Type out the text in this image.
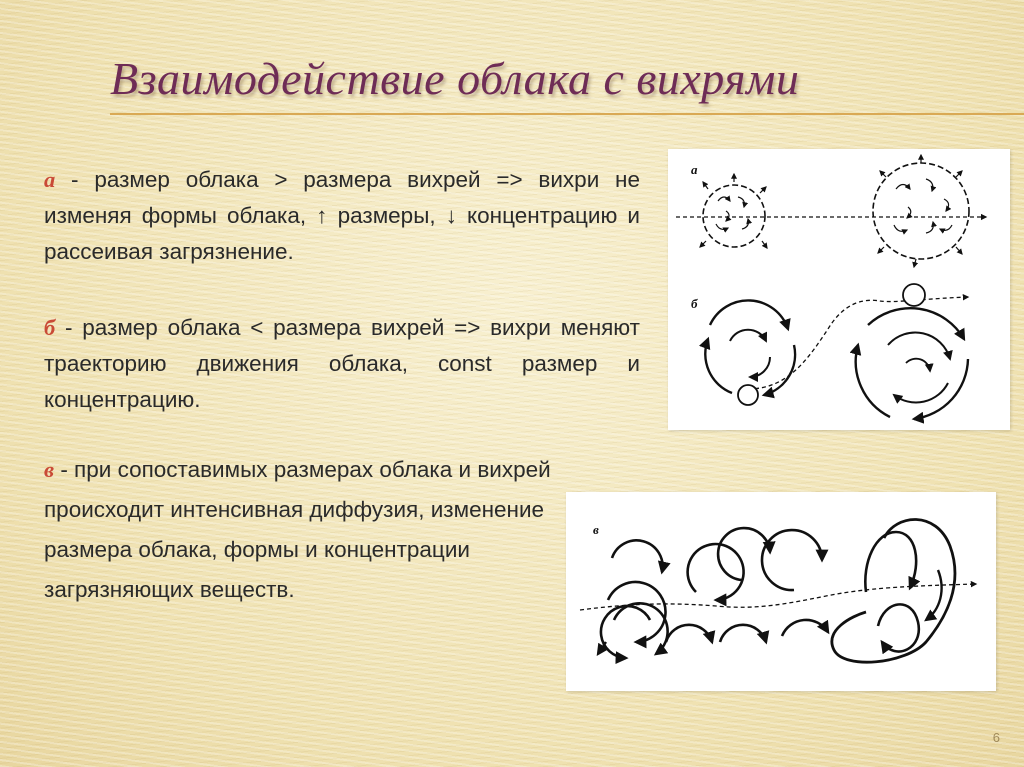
Взаимодействие облака с вихрями

а - размер облака > размера вихрей => вихри не изменяя формы облака, ↑ размеры, ↓ концентрацию и рассеивая загрязнение.

б - размер облака < размера вихрей => вихри меняют траекторию движения облака, const размер и концентрацию.

в - при сопоставимых размерах облака и вихрей происходит интенсивная диффузия, изменение размера облака, формы и концентрации загрязняющих веществ.

а
б
в
6
